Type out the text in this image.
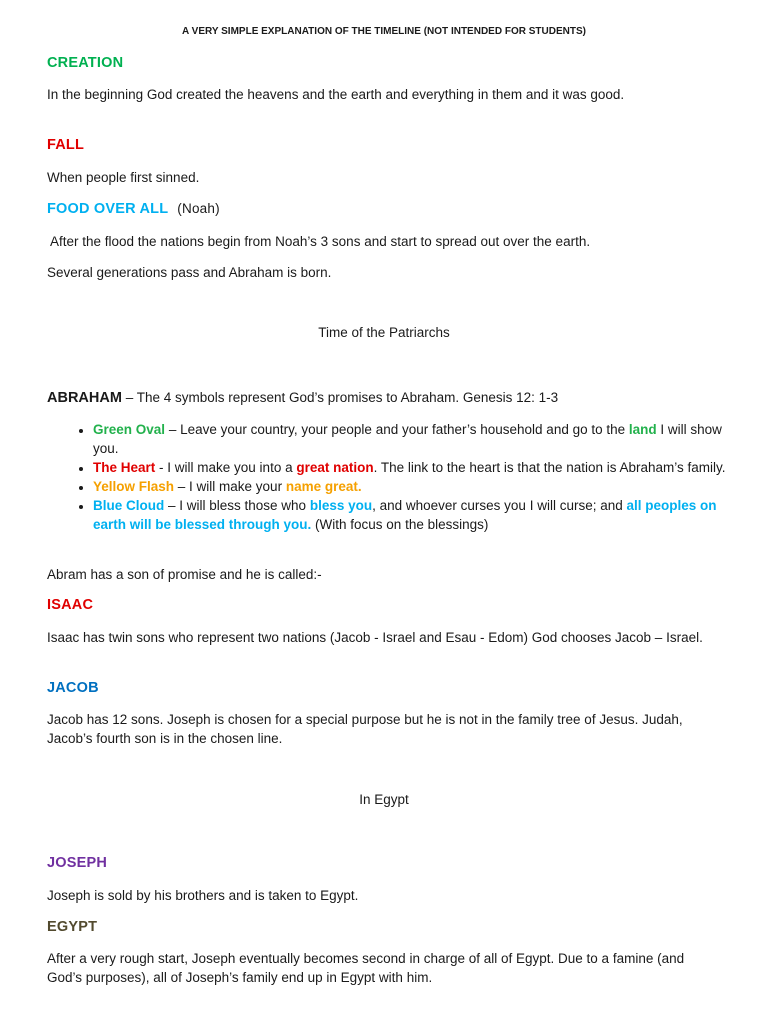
A VERY SIMPLE EXPLANATION OF THE TIMELINE (NOT INTENDED FOR STUDENTS)
CREATION
In the beginning God created the heavens and the earth and everything in them and it was good.
FALL
When people first sinned.
FOOD OVER ALL (Noah)
After the flood the nations begin from Noah’s 3 sons and start to spread out over the earth.
Several generations pass and Abraham is born.
Time of the Patriarchs
ABRAHAM – The 4 symbols represent God’s promises to Abraham. Genesis 12: 1-3
• Green Oval – Leave your country, your people and your father’s household and go to the land I will show you.
• The Heart - I will make you into a great nation. The link to the heart is that the nation is Abraham’s family.
• Yellow Flash – I will make your name great.
• Blue Cloud – I will bless those who bless you, and whoever curses you I will curse; and all peoples on earth will be blessed through you. (With focus on the blessings)
Abram has a son of promise and he is called:-
ISAAC
Isaac has twin sons who represent two nations (Jacob - Israel and Esau - Edom) God chooses Jacob – Israel.
JACOB
Jacob has 12 sons. Joseph is chosen for a special purpose but he is not in the family tree of Jesus. Judah, Jacob’s fourth son is in the chosen line.
In Egypt
JOSEPH
Joseph is sold by his brothers and is taken to Egypt.
EGYPT
After a very rough start, Joseph eventually becomes second in charge of all of Egypt. Due to a famine (and God’s purposes), all of Joseph’s family end up in Egypt with him.
